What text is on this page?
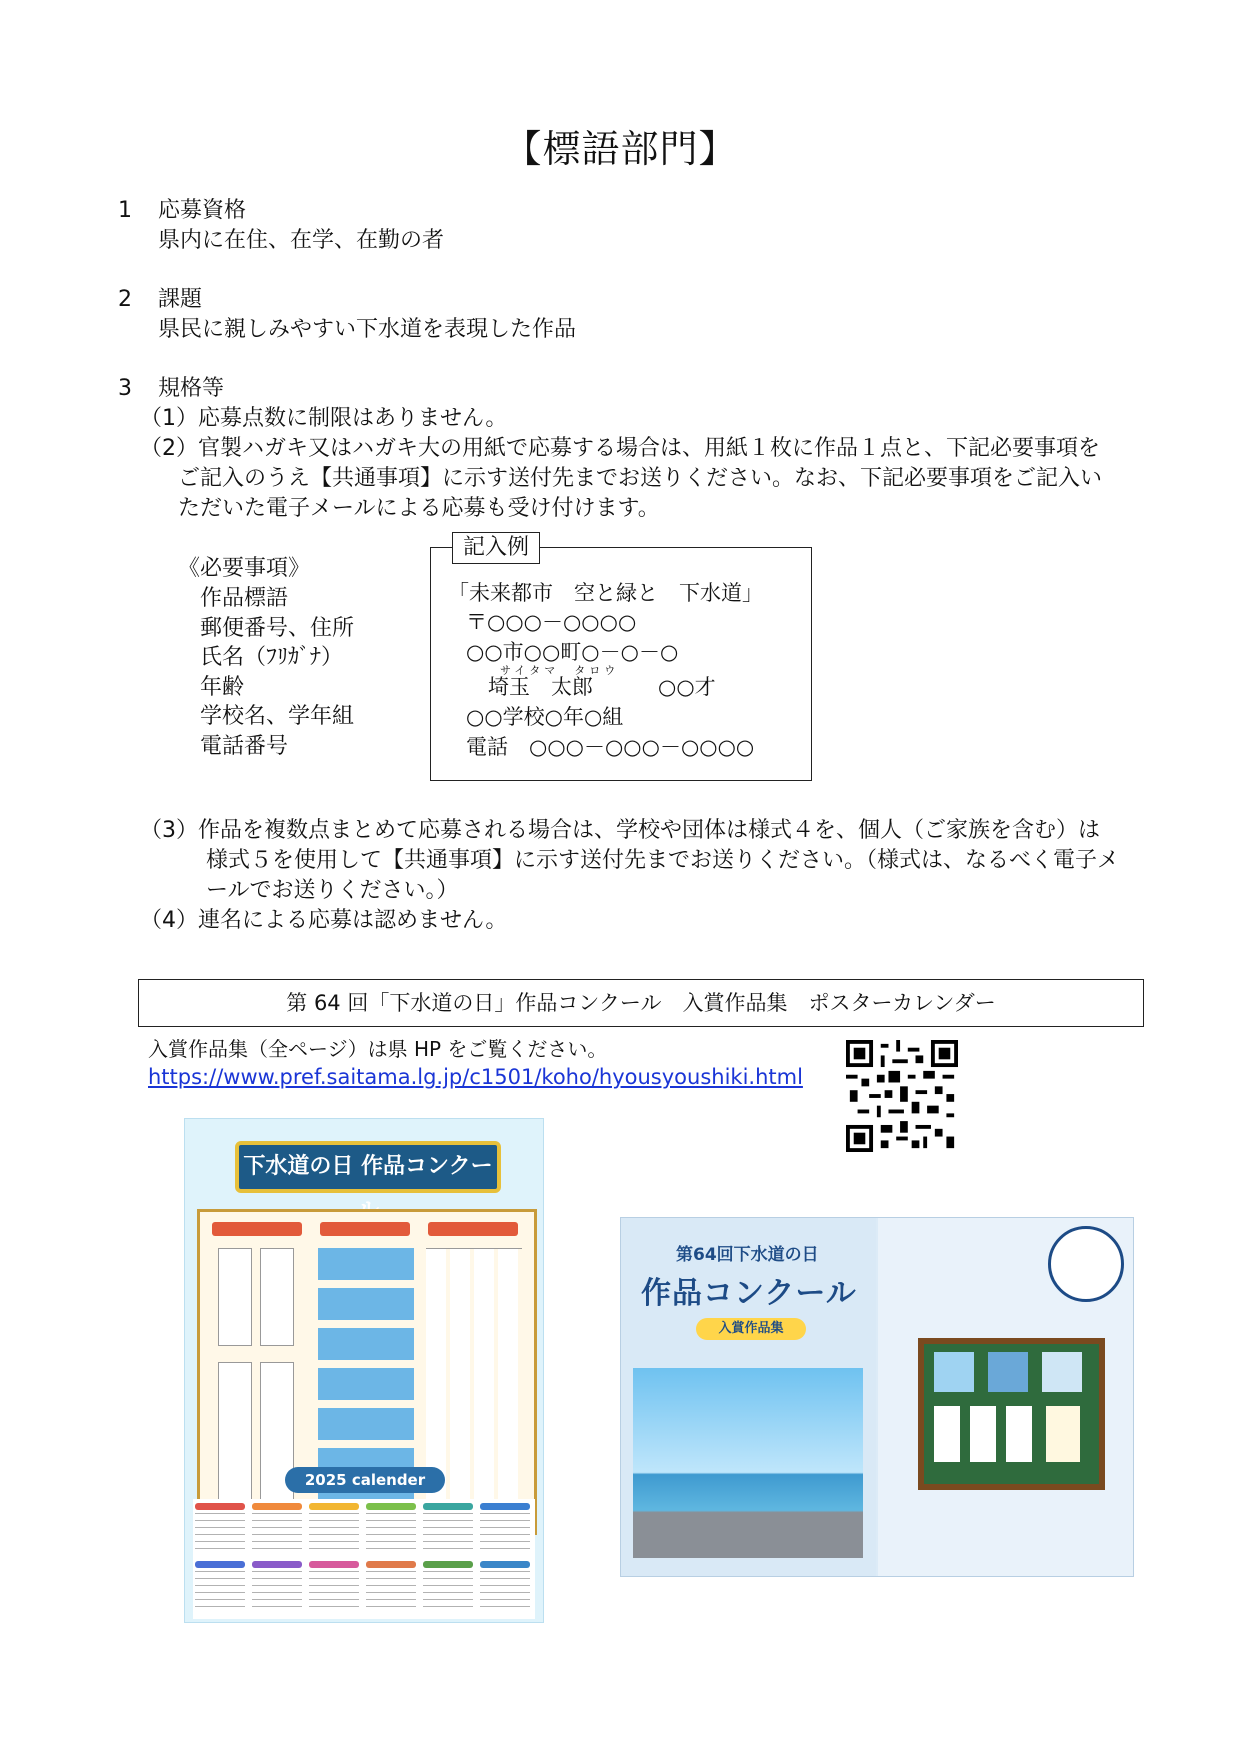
【標語部門】
1	応募資格
県内に在住、在学、在勤の者
2	課題
県民に親しみやすい下水道を表現した作品
3	規格等
（1）応募点数に制限はありません。
（2）官製ハガキ又はハガキ大の用紙で応募する場合は、用紙１枚に作品１点と、下記必要事項を
ご記入のうえ【共通事項】に示す送付先までお送りください。なお、下記必要事項をご記入い
ただいた電子メールによる応募も受け付けます。
《必要事項》
作品標語
郵便番号、住所
氏名（ﾌﾘｶﾞﾅ）
年齢
学校名、学年組
電話番号
記入例
「未来都市　空と緑と　下水道」
〒○○○－○○○○
○○市○○町○－○－○
サイタマ　タロウ
埼玉　太郎	○○才
○○学校○年○組
電話　○○○－○○○－○○○○
（3）作品を複数点まとめて応募される場合は、学校や団体は様式４を、個人（ご家族を含む）は
様式５を使用して【共通事項】に示す送付先までお送りください。（様式は、なるべく電子メ
ールでお送りください。）
（4）連名による応募は認めません。
第 64 回「下水道の日」作品コンクール　入賞作品集　ポスターカレンダー
入賞作品集（全ページ）は県 HP をご覧ください。
https://www.pref.saitama.lg.jp/c1501/koho/hyousyoushiki.html
下水道の日 作品コンクー
2025 calender
第64回下水道の日
作品コンクール
入賞作品集
